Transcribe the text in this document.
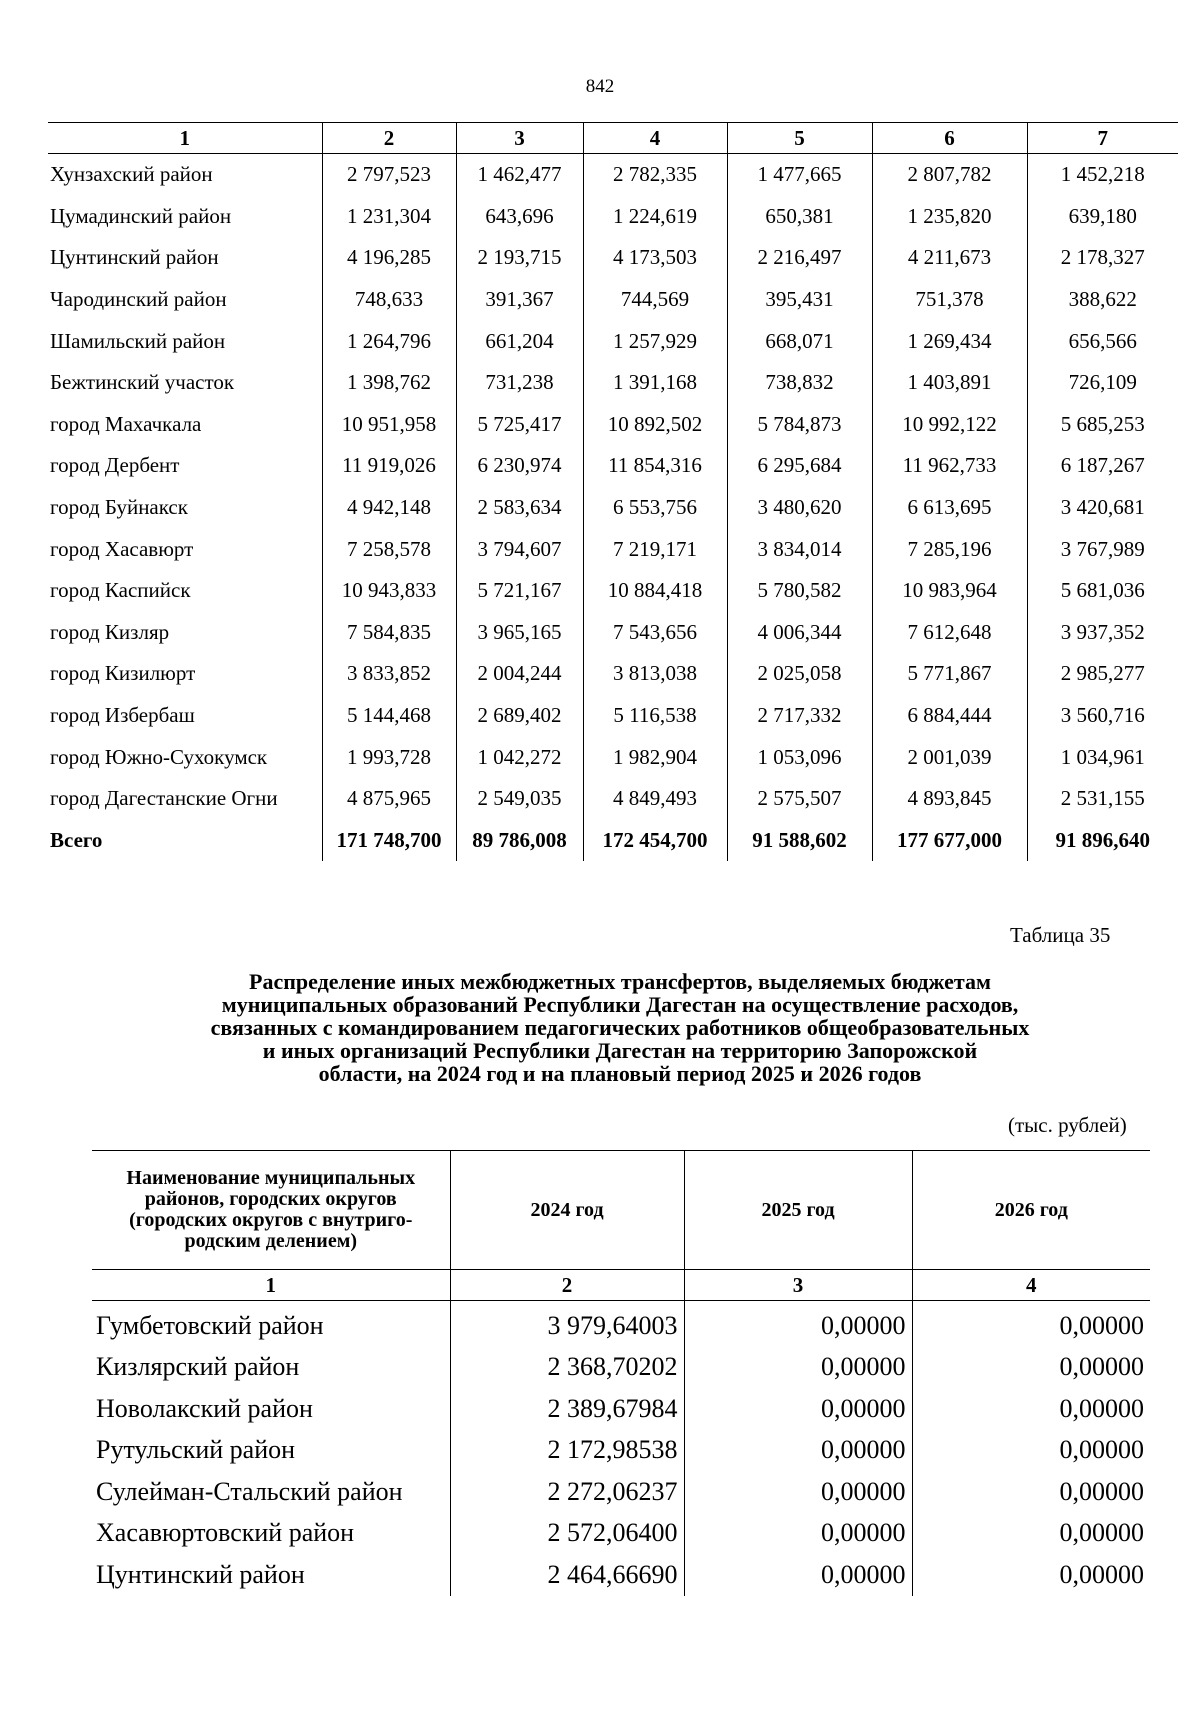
842
1	2	3	4	5	6	7
Хунзахский район	2 797,523	1 462,477	2 782,335	1 477,665	2 807,782	1 452,218
Цумадинский район	1 231,304	643,696	1 224,619	650,381	1 235,820	639,180
Цунтинский район	4 196,285	2 193,715	4 173,503	2 216,497	4 211,673	2 178,327
Чародинский район	748,633	391,367	744,569	395,431	751,378	388,622
Шамильский район	1 264,796	661,204	1 257,929	668,071	1 269,434	656,566
Бежтинский участок	1 398,762	731,238	1 391,168	738,832	1 403,891	726,109
город Махачкала	10 951,958	5 725,417	10 892,502	5 784,873	10 992,122	5 685,253
город Дербент	11 919,026	6 230,974	11 854,316	6 295,684	11 962,733	6 187,267
город Буйнакск	4 942,148	2 583,634	6 553,756	3 480,620	6 613,695	3 420,681
город Хасавюрт	7 258,578	3 794,607	7 219,171	3 834,014	7 285,196	3 767,989
город Каспийск	10 943,833	5 721,167	10 884,418	5 780,582	10 983,964	5 681,036
город Кизляр	7 584,835	3 965,165	7 543,656	4 006,344	7 612,648	3 937,352
город Кизилюрт	3 833,852	2 004,244	3 813,038	2 025,058	5 771,867	2 985,277
город Избербаш	5 144,468	2 689,402	5 116,538	2 717,332	6 884,444	3 560,716
город Южно-Сухокумск	1 993,728	1 042,272	1 982,904	1 053,096	2 001,039	1 034,961
город Дагестанские Огни	4 875,965	2 549,035	4 849,493	2 575,507	4 893,845	2 531,155
Всего	171 748,700	89 786,008	172 454,700	91 588,602	177 677,000	91 896,640
Таблица 35
Распределение иных межбюджетных трансфертов, выделяемых бюджетам
муниципальных образований Республики Дагестан на осуществление расходов,
связанных с командированием педагогических работников общеобразовательных
и иных организаций Республики Дагестан на территорию Запорожской
области, на 2024 год и на плановый период 2025 и 2026 годов
(тыс. рублей)
Наименование муниципальных
районов, городских округов
(городских округов с внутриго-
родским делением)	2024 год	2025 год	2026 год
1	2	3	4

Гумбетовский район	3 979,64003	0,00000	0,00000
Кизлярский район	2 368,70202	0,00000	0,00000
Новолакский район	2 389,67984	0,00000	0,00000
Рутульский район	2 172,98538	0,00000	0,00000
Сулейман-Стальский район	2 272,06237	0,00000	0,00000
Хасавюртовский район	2 572,06400	0,00000	0,00000
Цунтинский район	2 464,66690	0,00000	0,00000
